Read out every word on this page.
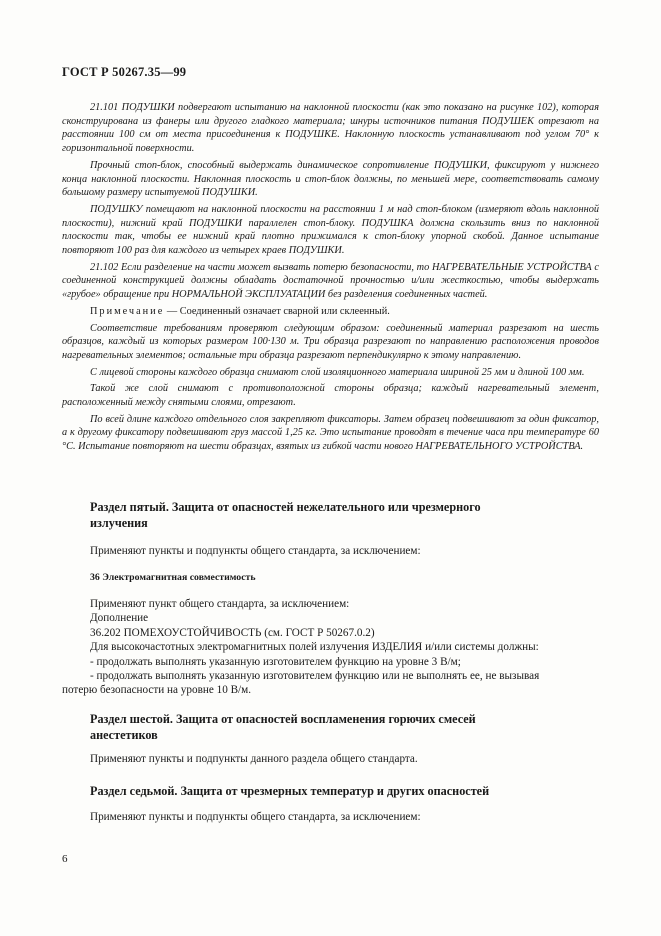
ГОСТ Р 50267.35—99

21.101 ПОДУШКИ подвергают испытанию на наклонной плоскости (как это показано на рисунке 102), которая сконструирована из фанеры или другого гладкого материала; шнуры источников питания ПОДУШЕК отрезают на расстоянии 100 см от места присоединения к ПОДУШКЕ. Наклонную плоскость устанавливают под углом 70° к горизонтальной поверхности.

Прочный стоп-блок, способный выдержать динамическое сопротивление ПОДУШКИ, фиксируют у нижнего конца наклонной плоскости. Наклонная плоскость и стоп-блок должны, по меньшей мере, соответствовать самому большому размеру испытуемой ПОДУШКИ.

ПОДУШКУ помещают на наклонной плоскости на расстоянии 1 м над стоп-блоком (измеряют вдоль наклонной плоскости), нижний край ПОДУШКИ параллелен стоп-блоку. ПОДУШКА должна скользить вниз по наклонной плоскости так, чтобы ее нижний край плотно прижимался к стоп-блоку упорной скобой. Данное испытание повторяют 100 раз для каждого из четырех краев ПОДУШКИ.

21.102 Если разделение на части может вызвать потерю безопасности, то НАГРЕВАТЕЛЬНЫЕ УСТРОЙСТВА с соединенной конструкцией должны обладать достаточной прочностью и/или жесткостью, чтобы выдержать «грубое» обращение при НОРМАЛЬНОЙ ЭКСПЛУАТАЦИИ без разделения соединенных частей.

Примечание — Соединенный означает сварной или склеенный.

Соответствие требованиям проверяют следующим образом: соединенный материал разрезают на шесть образцов, каждый из которых размером 100·130 м. Три образца разрезают по направлению расположения проводов нагревательных элементов; остальные три образца разрезают перпендикулярно к этому направлению.

С лицевой стороны каждого образца снимают слой изоляционного материала шириной 25 мм и длиной 100 мм.

Такой же слой снимают с противоположной стороны образца; каждый нагревательный элемент, расположенный между снятыми слоями, отрезают.

По всей длине каждого отдельного слоя закрепляют фиксаторы. Затем образец подвешивают за один фиксатор, а к другому фиксатору подвешивают груз массой 1,25 кг. Это испытание проводят в течение часа при температуре 60 °С. Испытание повторяют на шести образцах, взятых из гибкой части нового НАГРЕВАТЕЛЬНОГО УСТРОЙСТВА.

Раздел пятый. Защита от опасностей нежелательного или чрезмерного
излучения
Применяют пункты и подпункты общего стандарта, за исключением:
36 Электромагнитная совместимость
Применяют пункт общего стандарта, за исключением:
Дополнение
36.202 ПОМЕХОУСТОЙЧИВОСТЬ (см. ГОСТ Р 50267.0.2)
Для высокочастотных электромагнитных полей излучения ИЗДЕЛИЯ и/или системы должны:
- продолжать выполнять указанную изготовителем функцию на уровне 3 В/м;
- продолжать выполнять указанную изготовителем функцию или не выполнять ее, не вызывая
потерю безопасности на уровне 10 В/м.
Раздел шестой. Защита от опасностей воспламенения горючих смесей
анестетиков
Применяют пункты и подпункты данного раздела общего стандарта.
Раздел седьмой. Защита от чрезмерных температур и других опасностей
Применяют пункты и подпункты общего стандарта, за исключением:
6
